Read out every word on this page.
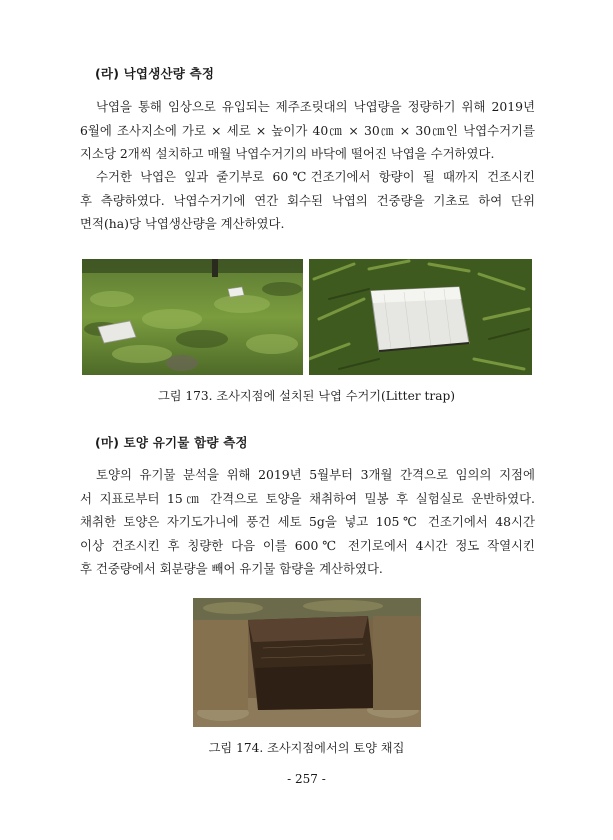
(라) 낙엽생산량 측정
낙엽을 통해 임상으로 유입되는 제주조릿대의 낙엽량을 정량하기 위해 2019년
6월에 조사지소에 가로 × 세로 × 높이가 40㎝ × 30㎝ × 30㎝인 낙엽수거기를
지소당 2개씩 설치하고 매월 낙엽수거기의 바닥에 떨어진 낙엽을 수거하였다.
수거한 낙엽은 잎과 줄기부로 60℃건조기에서 항량이 될 때까지 건조시킨
후 측량하였다. 낙엽수거기에 연간 회수된 낙엽의 건중량을 기초로 하여 단위
면적(ha)당 낙엽생산량을 계산하였다.
그림 173. 조사지점에 설치된 낙엽 수거기(Litter trap)
(마) 토양 유기물 함량 측정
토양의 유기물 분석을 위해 2019년 5월부터 3개월 간격으로 임의의 지점에
서 지표로부터 15㎝ 간격으로 토양을 채취하여 밀봉 후 실험실로 운반하였다.
채취한 토양은 자기도가니에 풍건 세토 5g을 넣고 105℃ 건조기에서 48시간
이상 건조시킨 후 칭량한 다음 이를 600℃ 전기로에서 4시간 정도 작열시킨
후 건중량에서 회분량을 빼어 유기물 함량을 계산하였다.
그림 174. 조사지점에서의 토양 채집
- 257 -
